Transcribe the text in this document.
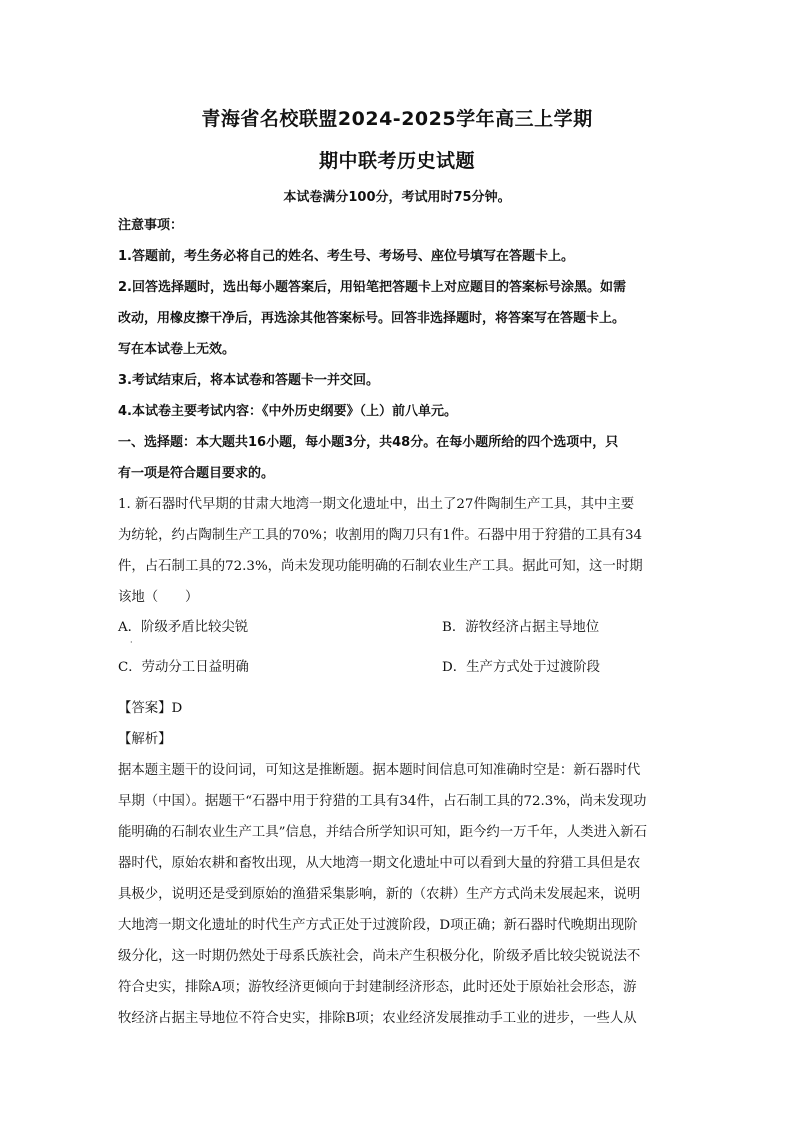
青海省名校联盟2024-2025学年高三上学期
期中联考历史试题
本试卷满分100分，考试用时75分钟。

注意事项：

1.答题前，考生务必将自己的姓名、考生号、考场号、座位号填写在答题卡上。

2.回答选择题时，选出每小题答案后，用铅笔把答题卡上对应题目的答案标号涂黑。如需

改动，用橡皮擦干净后，再选涂其他答案标号。回答非选择题时，将答案写在答题卡上。

写在本试卷上无效。

3.考试结束后，将本试卷和答题卡一并交回。

4.本试卷主要考试内容：《中外历史纲要》（上）前八单元。

一、选择题：本大题共16小题，每小题3分，共48分。在每小题所给的四个选项中，只

有一项是符合题目要求的。

1. 新石器时代早期的甘肃大地湾一期文化遗址中，出土了27件陶制生产工具，其中主要

为纺轮，约占陶制生产工具的70%；收割用的陶刀只有1件。石器中用于狩猎的工具有34

件，占石制工具的72.3%，尚未发现功能明确的石制农业生产工具。据此可知，这一时期

该地（　　）

A．阶级矛盾比较尖锐
·
B．游牧经济占据主导地位
C．劳动分工日益明确	D．生产方式处于过渡阶段

【答案】D

【解析】

据本题主题干的设问词，可知这是推断题。据本题时间信息可知准确时空是：新石器时代

早期（中国）。据题干“石器中用于狩猎的工具有34件，占石制工具的72.3%，尚未发现功

能明确的石制农业生产工具”信息，并结合所学知识可知，距今约一万千年，人类进入新石

器时代，原始农耕和畜牧出现，从大地湾一期文化遗址中可以看到大量的狩猎工具但是农

具极少，说明还是受到原始的渔猎采集影响，新的（农耕）生产方式尚未发展起来，说明

大地湾一期文化遗址的时代生产方式正处于过渡阶段，D项正确；新石器时代晚期出现阶

级分化，这一时期仍然处于母系氏族社会，尚未产生积极分化，阶级矛盾比较尖锐说法不

符合史实，排除A项；游牧经济更倾向于封建制经济形态，此时还处于原始社会形态，游

牧经济占据主导地位不符合史实，排除B项；农业经济发展推动手工业的进步，一些人从
